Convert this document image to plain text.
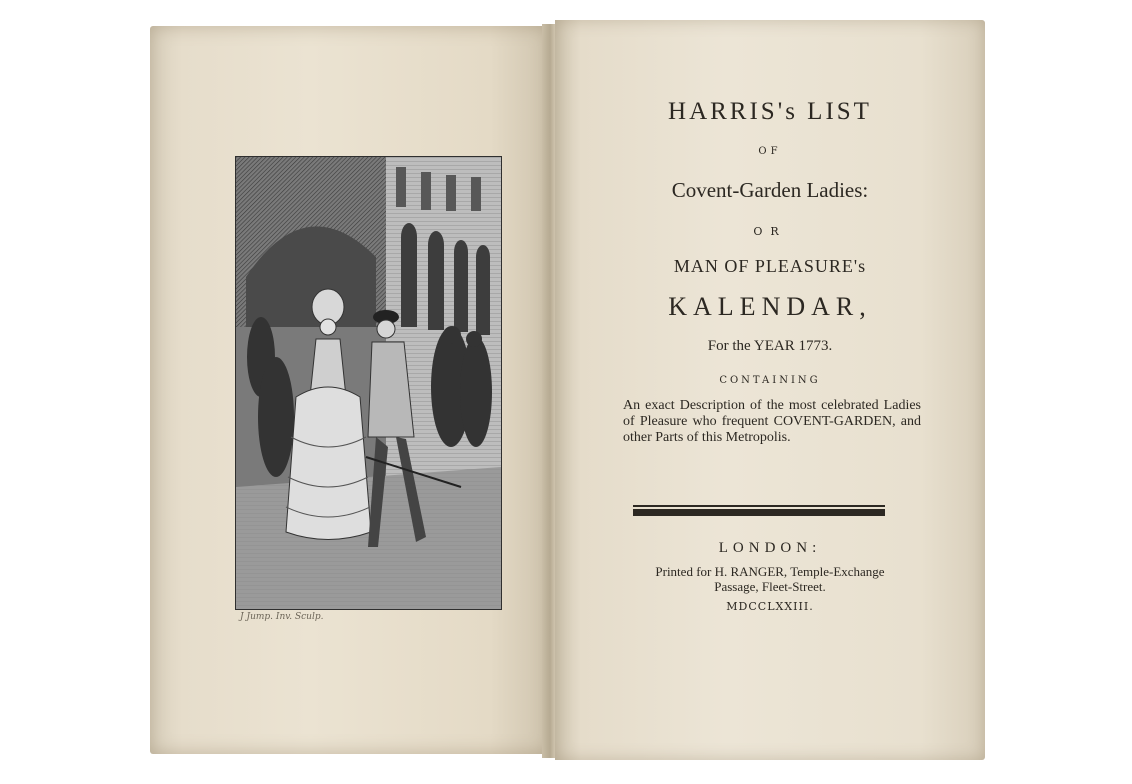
J Jump. Inv. Sculp.
HARRIS's LIST
OF
Covent-Garden Ladies:
OR
MAN OF PLEASURE's
KALENDAR,
For the YEAR 1773.
CONTAINING
An exact Description of the most celebrated Ladies of Pleasure who frequent COVENT-GARDEN, and other Parts of this Metropolis.
LONDON:
Printed for H. RANGER, Temple-Exchange Passage, Fleet-Street.
MDCCLXXIII.
